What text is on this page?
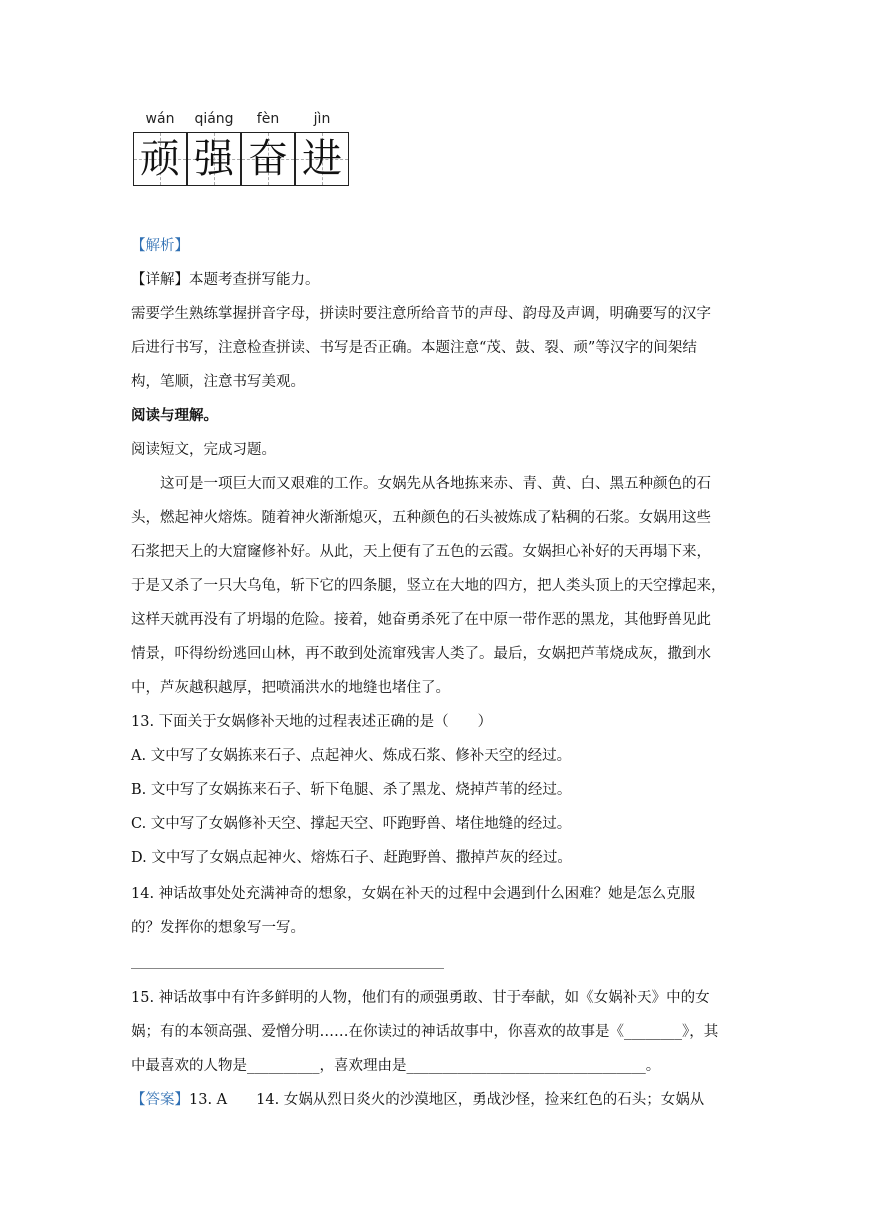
wán	qiáng	fèn	jìn
顽 强 奋 进
【解析】
【详解】本题考查拼写能力。
需要学生熟练掌握拼音字母，拼读时要注意所给音节的声母、韵母及声调，明确要写的汉字
后进行书写，注意检查拼读、书写是否正确。本题注意“茂、鼓、裂、顽”等汉字的间架结
构，笔顺，注意书写美观。
阅读与理解。
阅读短文，完成习题。
这可是一项巨大而又艰难的工作。女娲先从各地拣来赤、青、黄、白、黑五种颜色的石
头，燃起神火熔炼。随着神火渐渐熄灭，五种颜色的石头被炼成了粘稠的石浆。女娲用这些
石浆把天上的大窟窿修补好。从此，天上便有了五色的云霞。女娲担心补好的天再塌下来，
于是又杀了一只大乌龟，斩下它的四条腿，竖立在大地的四方，把人类头顶上的天空撑起来，
这样天就再没有了坍塌的危险。接着，她奋勇杀死了在中原一带作恶的黑龙，其他野兽见此
情景，吓得纷纷逃回山林，再不敢到处流窜残害人类了。最后，女娲把芦苇烧成灰，撒到水
中，芦灰越积越厚，把喷涌洪水的地缝也堵住了。
13. 下面关于女娲修补天地的过程表述正确的是（　　）
A. 文中写了女娲拣来石子、点起神火、炼成石浆、修补天空的经过。
B. 文中写了女娲拣来石子、斩下龟腿、杀了黑龙、烧掉芦苇的经过。
C. 文中写了女娲修补天空、撑起天空、吓跑野兽、堵住地缝的经过。
D. 文中写了女娲点起神火、熔炼石子、赶跑野兽、撒掉芦灰的经过。
14. 神话故事处处充满神奇的想象，女娲在补天的过程中会遇到什么困难？她是怎么克服
的？发挥你的想象写一写。
15. 神话故事中有许多鲜明的人物，他们有的顽强勇敢、甘于奉献，如《女娲补天》中的女
娲；有的本领高强、爱憎分明……在你读过的神话故事中，你喜欢的故事是《________》，其
中最喜欢的人物是__________，喜欢理由是_________________________________。
【答案】13. A　　14. 女娲从烈日炎火的沙漠地区，勇战沙怪，捡来红色的石头；女娲从
